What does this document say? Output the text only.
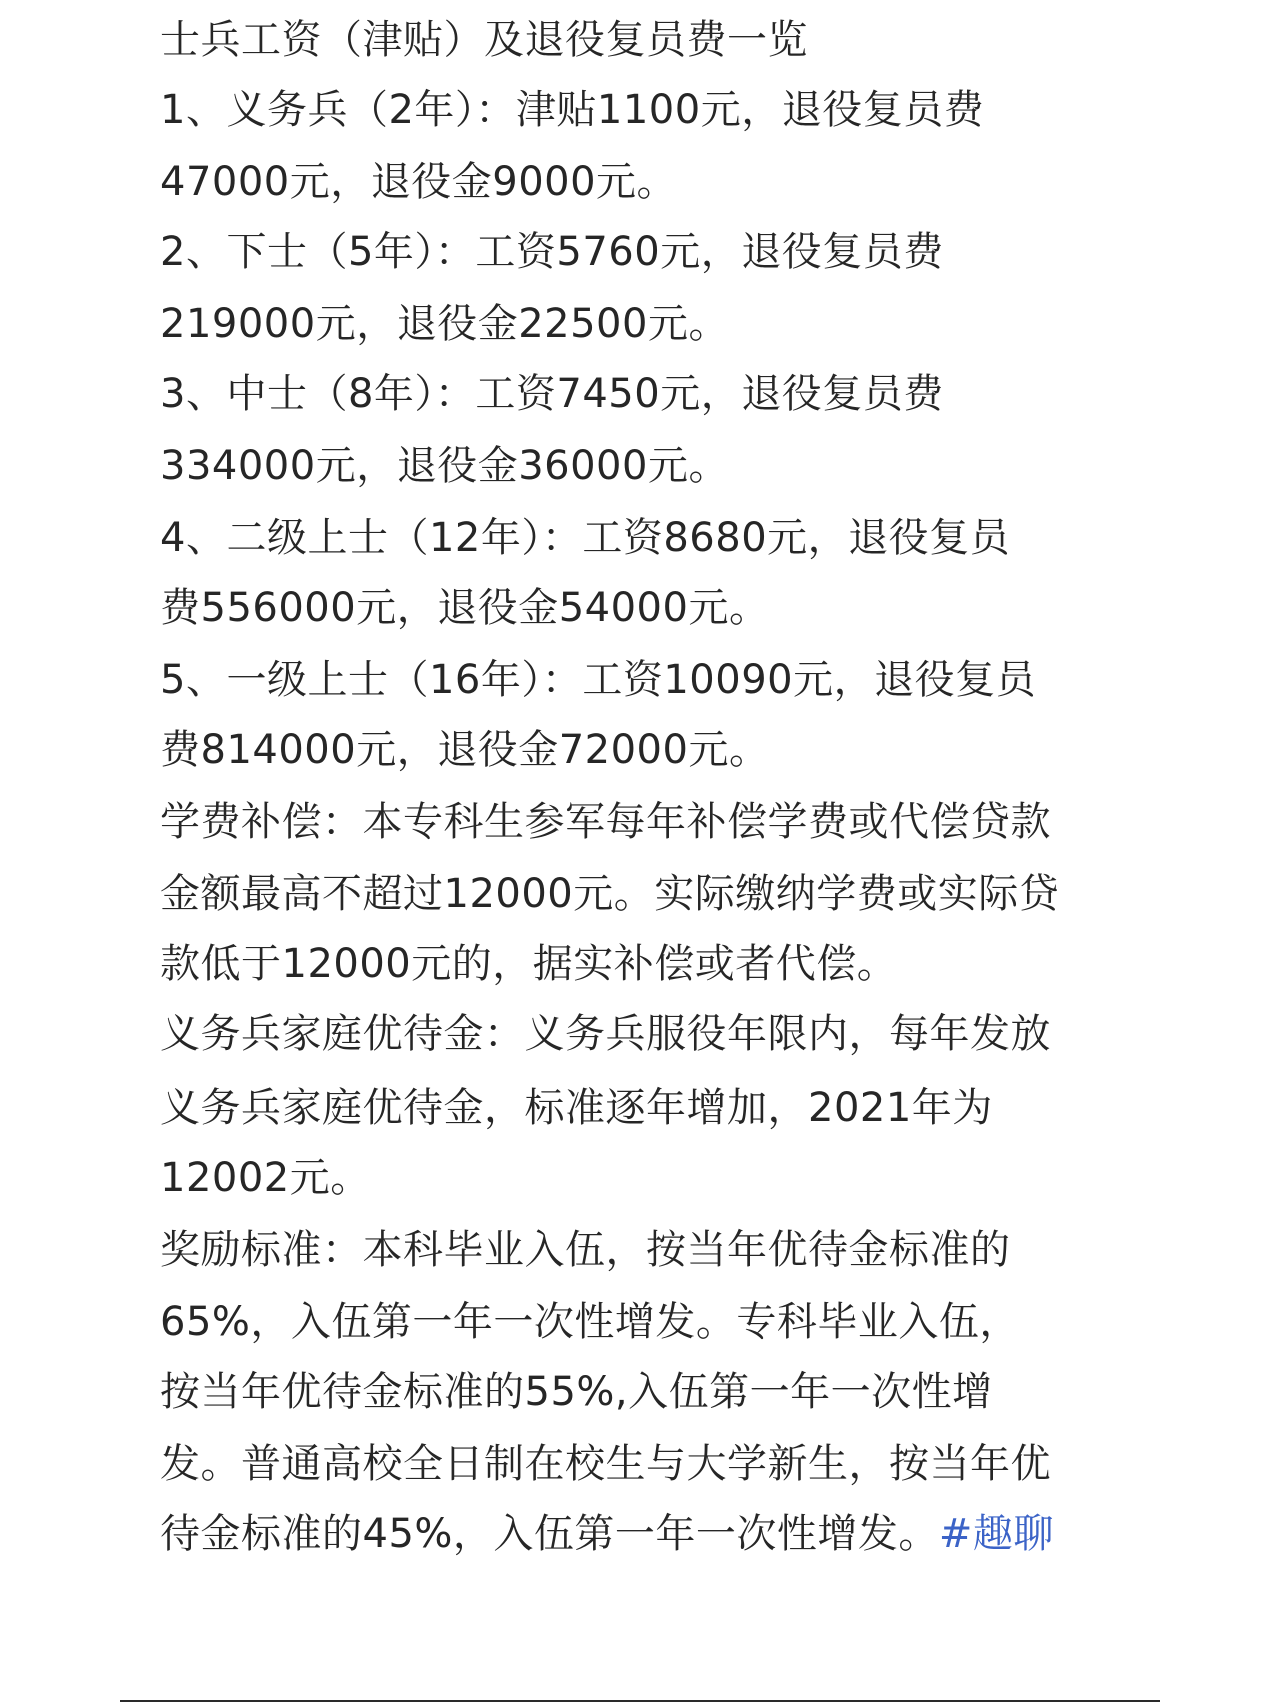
士兵工资（津贴）及退役复员费一览
1、义务兵（2年）：津贴1100元，退役复员费
47000元，退役金9000元。
2、下士（5年）：工资5760元，退役复员费
219000元，退役金22500元。
3、中士（8年）：工资7450元，退役复员费
334000元，退役金36000元。
4、二级上士（12年）：工资8680元，退役复员
费556000元，退役金54000元。
5、一级上士（16年）：工资10090元，退役复员
费814000元，退役金72000元。
学费补偿：本专科生参军每年补偿学费或代偿贷款
金额最高不超过12000元。实际缴纳学费或实际贷
款低于12000元的，据实补偿或者代偿。
义务兵家庭优待金：义务兵服役年限内，每年发放
义务兵家庭优待金，标准逐年增加，2021年为
12002元。
奖励标准：本科毕业入伍，按当年优待金标准的
65%，入伍第一年一次性增发。专科毕业入伍，
按当年优待金标准的55%,入伍第一年一次性增
发。普通高校全日制在校生与大学新生，按当年优
待金标准的45%，入伍第一年一次性增发。#趣聊
